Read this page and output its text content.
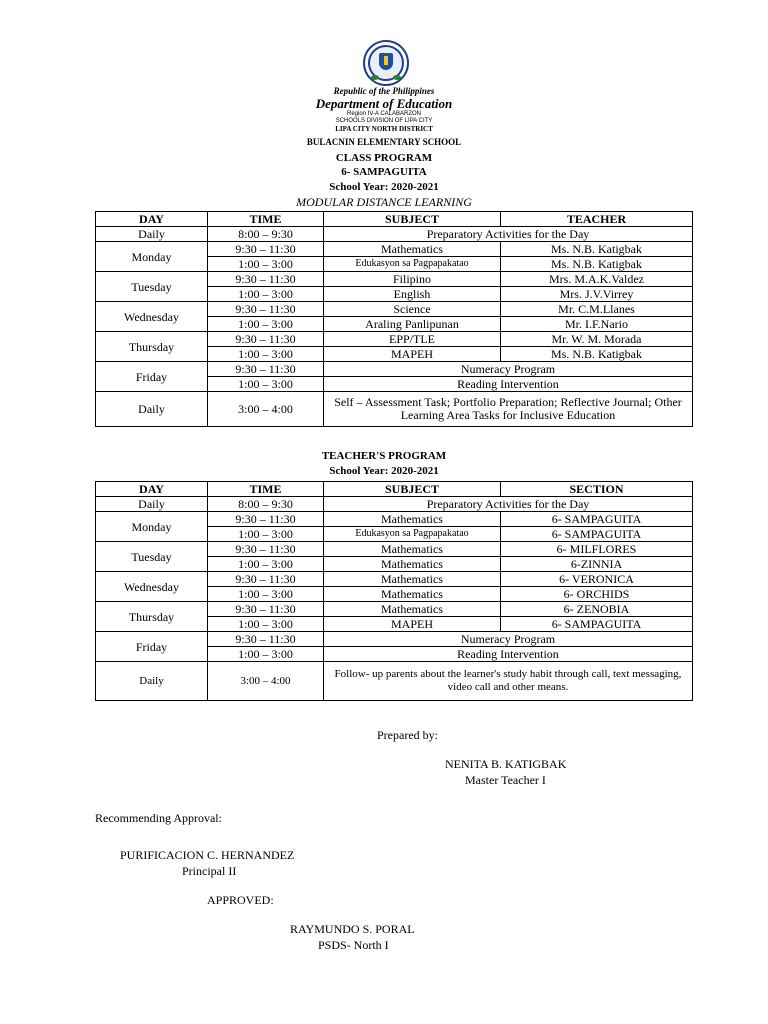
Republic of the Philippines
Department of Education
Region IV-A CALABARZON
SCHOOLS DIVISION OF LIPA CITY
LIPA CITY NORTH DISTRICT
BULACNIN ELEMENTARY SCHOOL
CLASS PROGRAM
6- SAMPAGUITA
School Year: 2020-2021
MODULAR DISTANCE LEARNING
DAY	TIME	SUBJECT	TEACHER
Daily	8:00 – 9:30	Preparatory Activities for the Day	
Monday	9:30 – 11:30	Mathematics	Ms. N.B. Katigbak
	1:00 – 3:00	Edukasyon sa Pagpapakatao	Ms. N.B. Katigbak
Tuesday	9:30 – 11:30	Filipino	Mrs. M.A.K.Valdez
	1:00 – 3:00	English	Mrs. J.V.Virrey
Wednesday	9:30 – 11:30	Science	Mr. C.M.Llanes
	1:00 – 3:00	Araling Panlipunan	Mr. I.F.Nario
Thursday	9:30 – 11:30	EPP/TLE	Mr. W. M. Morada
	1:00 – 3:00	MAPEH	Ms. N.B. Katigbak
Friday	9:30 – 11:30	Numeracy Program	
	1:00 – 3:00	Reading Intervention	
Daily	3:00 – 4:00	Self – Assessment Task; Portfolio Preparation; Reflective Journal; Other Learning Area Tasks for Inclusive Education	
TEACHER'S PROGRAM
School Year: 2020-2021
DAY	TIME	SUBJECT	SECTION
Daily	8:00 – 9:30	Preparatory Activities for the Day	
Monday	9:30 – 11:30	Mathematics	6- SAMPAGUITA
	1:00 – 3:00	Edukasyon sa Pagpapakatao	6- SAMPAGUITA
Tuesday	9:30 – 11:30	Mathematics	6- MILFLORES
	1:00 – 3:00	Mathematics	6-ZINNIA
Wednesday	9:30 – 11:30	Mathematics	6- VERONICA
	1:00 – 3:00	Mathematics	6- ORCHIDS
Thursday	9:30 – 11:30	Mathematics	6- ZENOBIA
	1:00 – 3:00	MAPEH	6- SAMPAGUITA
Friday	9:30 – 11:30	Numeracy Program	
	1:00 – 3:00	Reading Intervention	
Daily	3:00 – 4:00	Follow- up parents about the learner's study habit through call, text messaging, video call and other means.	
Prepared by:
NENITA B. KATIGBAK
Master Teacher I
Recommending Approval:
PURIFICACION C. HERNANDEZ
Principal II
APPROVED:
RAYMUNDO S. PORAL
PSDS- North I
